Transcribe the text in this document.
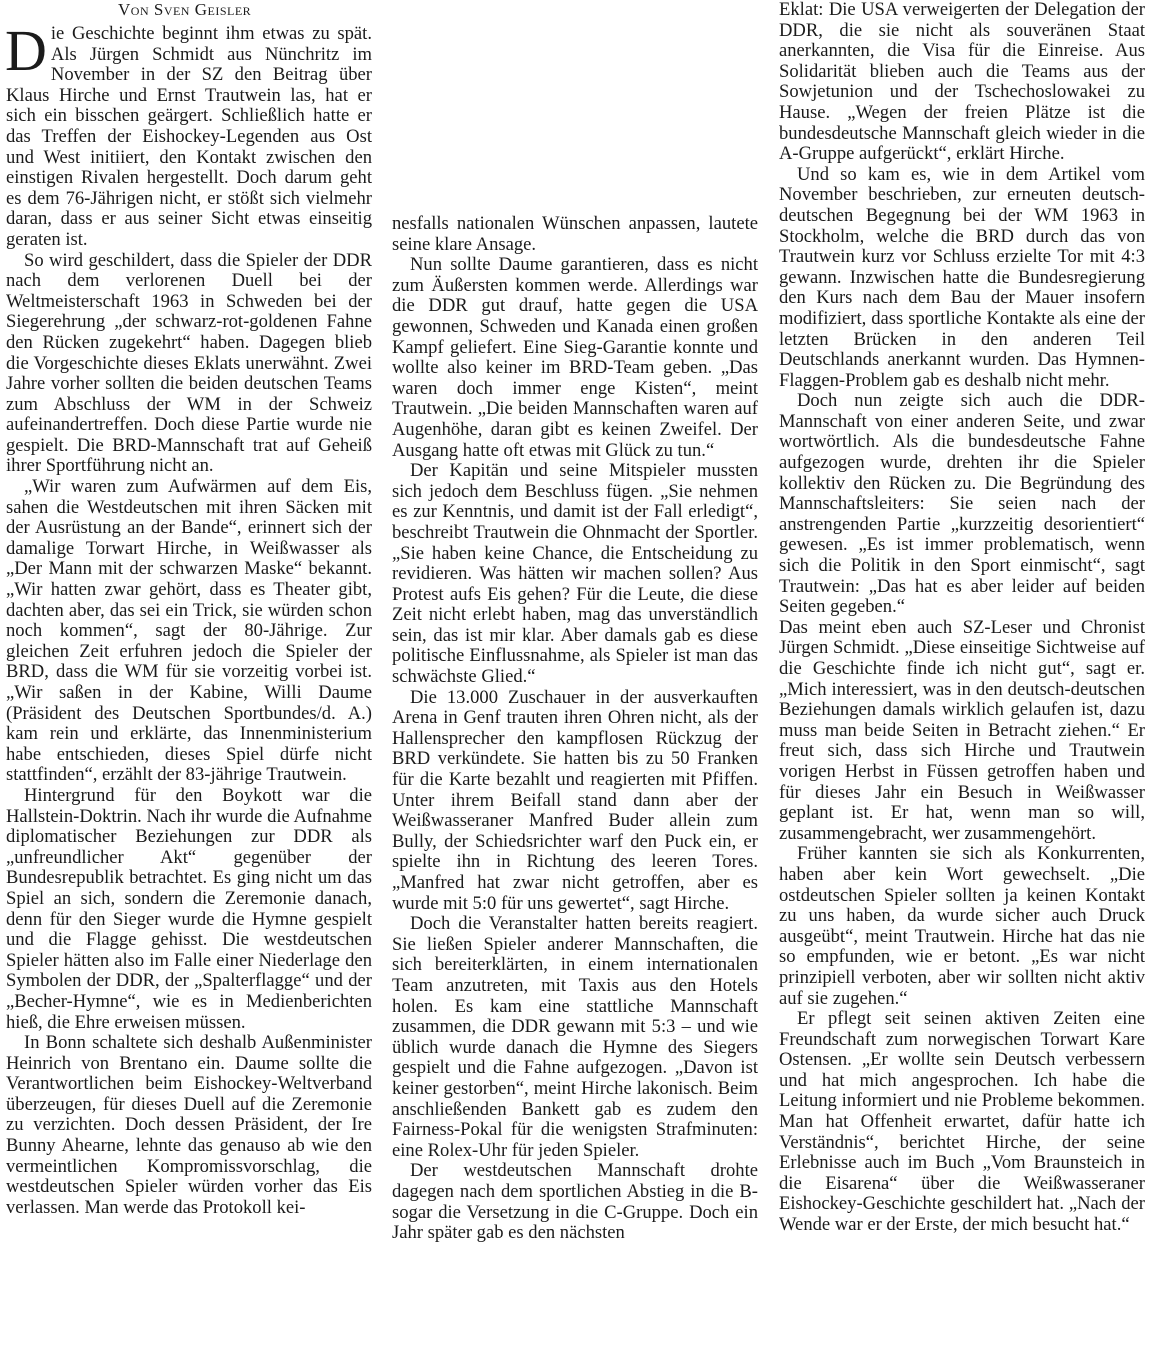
Von Sven Geisler

Die Geschichte beginnt ihm etwas zu spät. Als Jürgen Schmidt aus Nünchritz im November in der SZ den Beitrag über Klaus Hirche und Ernst Trautwein las, hat er sich ein bisschen geärgert. Schließlich hatte er das Treffen der Eishockey-Legenden aus Ost und West initiiert, den Kontakt zwischen den einstigen Rivalen hergestellt. Doch darum geht es dem 76-Jährigen nicht, er stößt sich vielmehr daran, dass er aus seiner Sicht etwas einseitig geraten ist.

So wird geschildert, dass die Spieler der DDR nach dem verlorenen Duell bei der Weltmeisterschaft 1963 in Schweden bei der Siegerehrung „der schwarz-rot-goldenen Fahne den Rücken zugekehrt“ haben. Dagegen blieb die Vorgeschichte dieses Eklats unerwähnt. Zwei Jahre vorher sollten die beiden deutschen Teams zum Abschluss der WM in der Schweiz aufeinandertreffen. Doch diese Partie wurde nie gespielt. Die BRD-Mannschaft trat auf Geheiß ihrer Sportführung nicht an.

„Wir waren zum Aufwärmen auf dem Eis, sahen die Westdeutschen mit ihren Säcken mit der Ausrüstung an der Bande“, erinnert sich der damalige Torwart Hirche, in Weißwasser als „Der Mann mit der schwarzen Maske“ bekannt. „Wir hatten zwar gehört, dass es Theater gibt, dachten aber, das sei ein Trick, sie würden schon noch kommen“, sagt der 80-Jährige. Zur gleichen Zeit erfuhren jedoch die Spieler der BRD, dass die WM für sie vorzeitig vorbei ist. „Wir saßen in der Kabine, Willi Daume (Präsident des Deutschen Sportbundes/d. A.) kam rein und erklärte, das Innenministerium habe entschieden, dieses Spiel dürfe nicht stattfinden“, erzählt der 83-jährige Trautwein.

Hintergrund für den Boykott war die Hallstein-Doktrin. Nach ihr wurde die Aufnahme diplomatischer Beziehungen zur DDR als „unfreundlicher Akt“ gegenüber der Bundesrepublik betrachtet. Es ging nicht um das Spiel an sich, sondern die Zeremonie danach, denn für den Sieger wurde die Hymne gespielt und die Flagge gehisst. Die westdeutschen Spieler hätten also im Falle einer Niederlage den Symbolen der DDR, der „Spalterflagge“ und der „Becher-Hymne“, wie es in Medienberichten hieß, die Ehre erweisen müssen.

In Bonn schaltete sich deshalb Außenminister Heinrich von Brentano ein. Daume sollte die Verantwortlichen beim Eishockey-Weltverband überzeugen, für dieses Duell auf die Zeremonie zu verzichten. Doch dessen Präsident, der Ire Bunny Ahearne, lehnte das genauso ab wie den vermeintlichen Kompromissvorschlag, die westdeutschen Spieler würden vorher das Eis verlassen. Man werde das Protokoll kei-

nesfalls nationalen Wünschen anpassen, lautete seine klare Ansage.

Nun sollte Daume garantieren, dass es nicht zum Äußersten kommen werde. Allerdings war die DDR gut drauf, hatte gegen die USA gewonnen, Schweden und Kanada einen großen Kampf geliefert. Eine Sieg-Garantie konnte und wollte also keiner im BRD-Team geben. „Das waren doch immer enge Kisten“, meint Trautwein. „Die beiden Mannschaften waren auf Augenhöhe, daran gibt es keinen Zweifel. Der Ausgang hatte oft etwas mit Glück zu tun.“

Der Kapitän und seine Mitspieler mussten sich jedoch dem Beschluss fügen. „Sie nehmen es zur Kenntnis, und damit ist der Fall erledigt“, beschreibt Trautwein die Ohnmacht der Sportler. „Sie haben keine Chance, die Entscheidung zu revidieren. Was hätten wir machen sollen? Aus Protest aufs Eis gehen? Für die Leute, die diese Zeit nicht erlebt haben, mag das unverständlich sein, das ist mir klar. Aber damals gab es diese politische Einflussnahme, als Spieler ist man das schwächste Glied.“

Die 13.000 Zuschauer in der ausverkauften Arena in Genf trauten ihren Ohren nicht, als der Hallensprecher den kampflosen Rückzug der BRD verkündete. Sie hatten bis zu 50 Franken für die Karte bezahlt und reagierten mit Pfiffen. Unter ihrem Beifall stand dann aber der Weißwasseraner Manfred Buder allein zum Bully, der Schiedsrichter warf den Puck ein, er spielte ihn in Richtung des leeren Tores. „Manfred hat zwar nicht getroffen, aber es wurde mit 5:0 für uns gewertet“, sagt Hirche.

Doch die Veranstalter hatten bereits reagiert. Sie ließen Spieler anderer Mannschaften, die sich bereiterklärten, in einem internationalen Team anzutreten, mit Taxis aus den Hotels holen. Es kam eine stattliche Mannschaft zusammen, die DDR gewann mit 5:3 – und wie üblich wurde danach die Hymne des Siegers gespielt und die Fahne aufgezogen. „Davon ist keiner gestorben“, meint Hirche lakonisch. Beim anschließenden Bankett gab es zudem den Fairness-Pokal für die wenigsten Strafminuten: eine Rolex-Uhr für jeden Spieler.

Der westdeutschen Mannschaft drohte dagegen nach dem sportlichen Abstieg in die B- sogar die Versetzung in die C-Gruppe. Doch ein Jahr später gab es den nächsten

Eklat: Die USA verweigerten der Delegation der DDR, die sie nicht als souveränen Staat anerkannten, die Visa für die Einreise. Aus Solidarität blieben auch die Teams aus der Sowjetunion und der Tschechoslowakei zu Hause. „Wegen der freien Plätze ist die bundesdeutsche Mannschaft gleich wieder in die A-Gruppe aufgerückt“, erklärt Hirche.

Und so kam es, wie in dem Artikel vom November beschrieben, zur erneuten deutsch-deutschen Begegnung bei der WM 1963 in Stockholm, welche die BRD durch das von Trautwein kurz vor Schluss erzielte Tor mit 4:3 gewann. Inzwischen hatte die Bundesregierung den Kurs nach dem Bau der Mauer insofern modifiziert, dass sportliche Kontakte als eine der letzten Brücken in den anderen Teil Deutschlands anerkannt wurden. Das Hymnen-Flaggen-Problem gab es deshalb nicht mehr.

Doch nun zeigte sich auch die DDR-Mannschaft von einer anderen Seite, und zwar wortwörtlich. Als die bundesdeutsche Fahne aufgezogen wurde, drehten ihr die Spieler kollektiv den Rücken zu. Die Begründung des Mannschaftsleiters: Sie seien nach der anstrengenden Partie „kurzzeitig desorientiert“ gewesen. „Es ist immer problematisch, wenn sich die Politik in den Sport einmischt“, sagt Trautwein: „Das hat es aber leider auf beiden Seiten gegeben.“

Das meint eben auch SZ-Leser und Chronist Jürgen Schmidt. „Diese einseitige Sichtweise auf die Geschichte finde ich nicht gut“, sagt er. „Mich interessiert, was in den deutsch-deutschen Beziehungen damals wirklich gelaufen ist, dazu muss man beide Seiten in Betracht ziehen.“ Er freut sich, dass sich Hirche und Trautwein vorigen Herbst in Füssen getroffen haben und für dieses Jahr ein Besuch in Weißwasser geplant ist. Er hat, wenn man so will, zusammengebracht, wer zusammengehört.

Früher kannten sie sich als Konkurrenten, haben aber kein Wort gewechselt. „Die ostdeutschen Spieler sollten ja keinen Kontakt zu uns haben, da wurde sicher auch Druck ausgeübt“, meint Trautwein. Hirche hat das nie so empfunden, wie er betont. „Es war nicht prinzipiell verboten, aber wir sollten nicht aktiv auf sie zugehen.“

Er pflegt seit seinen aktiven Zeiten eine Freundschaft zum norwegischen Torwart Kare Ostensen. „Er wollte sein Deutsch verbessern und hat mich angesprochen. Ich habe die Leitung informiert und nie Probleme bekommen. Man hat Offenheit erwartet, dafür hatte ich Verständnis“, berichtet Hirche, der seine Erlebnisse auch im Buch „Vom Braunsteich in die Eisarena“ über die Weißwasseraner Eishockey-Geschichte geschildert hat. „Nach der Wende war er der Erste, der mich besucht hat.“
